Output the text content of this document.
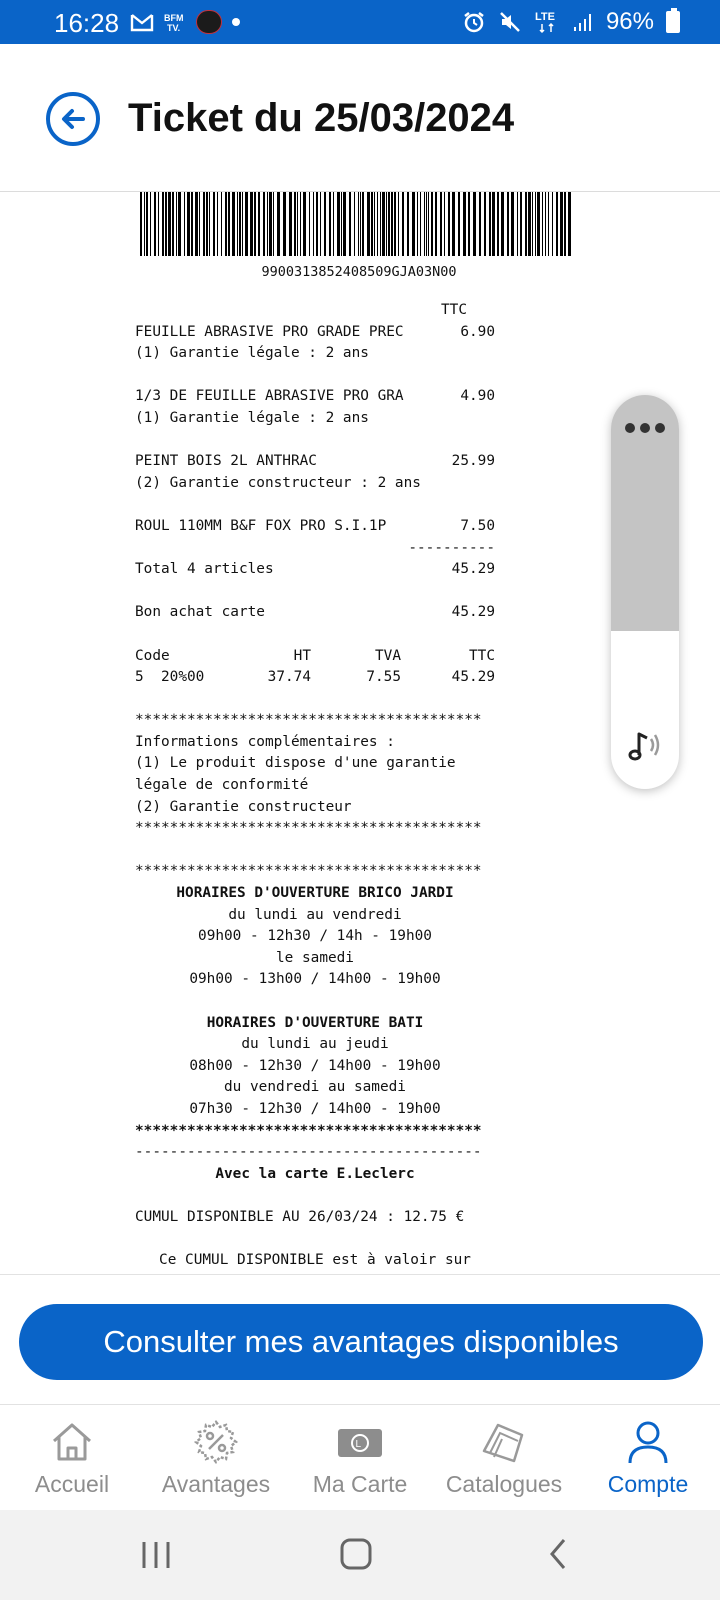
16:28	BFM
TV.
LTE 96%
Ticket du 25/03/2024
9900313852408509GJA03N00
TTC
FEUILLE ABRASIVE PRO GRADE PREC	6.90
(1) Garantie légale : 2 ans
1/3 DE FEUILLE ABRASIVE PRO GRA	4.90
(1) Garantie légale : 2 ans
PEINT BOIS 2L ANTHRAC	25.99
(2) Garantie constructeur : 2 ans
ROUL 110MM B&F FOX PRO S.I.1P	7.50
----------
Total 4 articles	45.29
Bon achat carte	45.29
Code	HT	TVA	TTC
5  20%00	37.74	7.55	45.29
****************************************
Informations complémentaires :
(1) Le produit dispose d'une garantie
légale de conformité
(2) Garantie constructeur
****************************************
****************************************
HORAIRES D'OUVERTURE BRICO JARDI
du lundi au vendredi
09h00 - 12h30 / 14h - 19h00
le samedi
09h00 - 13h00 / 14h00 - 19h00
HORAIRES D'OUVERTURE BATI
du lundi au jeudi
08h00 - 12h30 / 14h00 - 19h00
du vendredi au samedi
07h30 - 12h30 / 14h00 - 19h00
****************************************
----------------------------------------
Avec la carte E.Leclerc
CUMUL DISPONIBLE AU 26/03/24 : 12.75 €
Ce CUMUL DISPONIBLE est à valoir sur
Consulter mes avantages disponibles
Accueil	Avantages
L
Ma Carte	Catalogues	Compte
